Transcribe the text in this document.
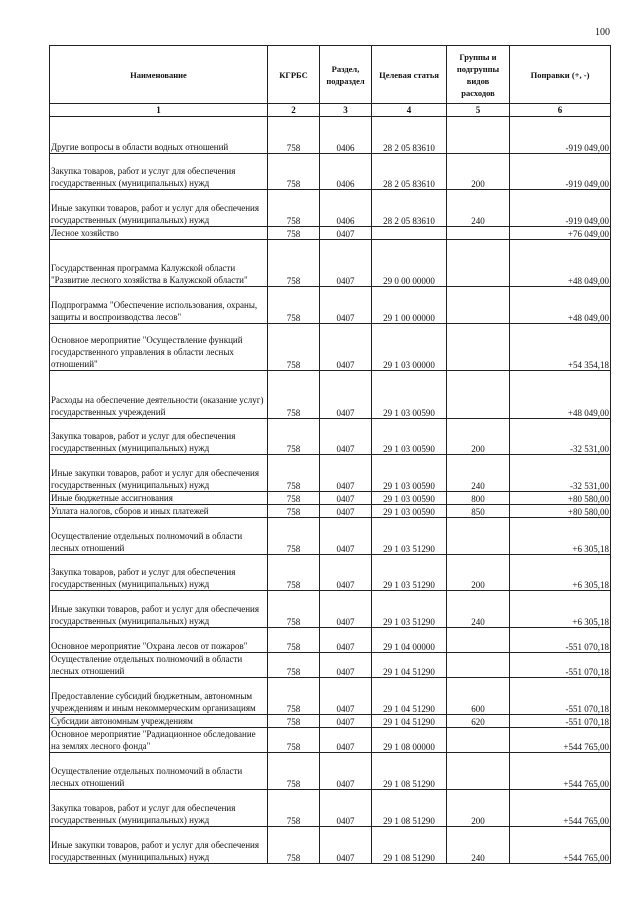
100
Наименование	КГРБС	Раздел, подраздел	Целевая статья	Группы и подгруппы видов расходов	Поправки (+, -)
1	2	3	4	5	6
Другие вопросы в области водных отношений	758	0406	28 2 05 83610		-919 049,00
Закупка товаров, работ и услуг для обеспечения государственных (муниципальных) нужд	758	0406	28 2 05 83610	200	-919 049,00
Иные закупки товаров, работ и услуг для обеспечения государственных (муниципальных) нужд	758	0406	28 2 05 83610	240	-919 049,00
Лесное хозяйство	758	0407			+76 049,00
Государственная программа Калужской области "Развитие лесного хозяйства в Калужской области"	758	0407	29 0 00 00000		+48 049,00
Подпрограмма "Обеспечение использования, охраны, защиты и воспроизводства лесов"	758	0407	29 1 00 00000		+48 049,00
Основное мероприятие "Осуществление функций государственного управления в области лесных отношений"	758	0407	29 1 03 00000		+54 354,18
Расходы на обеспечение деятельности (оказание услуг) государственных учреждений	758	0407	29 1 03 00590		+48 049,00
Закупка товаров, работ и услуг для обеспечения государственных (муниципальных) нужд	758	0407	29 1 03 00590	200	-32 531,00
Иные закупки товаров, работ и услуг для обеспечения государственных (муниципальных) нужд	758	0407	29 1 03 00590	240	-32 531,00
Иные бюджетные ассигнования	758	0407	29 1 03 00590	800	+80 580,00
Уплата налогов, сборов и иных платежей	758	0407	29 1 03 00590	850	+80 580,00
Осуществление отдельных полномочий в области лесных отношений	758	0407	29 1 03 51290		+6 305,18
Закупка товаров, работ и услуг для обеспечения государственных (муниципальных) нужд	758	0407	29 1 03 51290	200	+6 305,18
Иные закупки товаров, работ и услуг для обеспечения государственных (муниципальных) нужд	758	0407	29 1 03 51290	240	+6 305,18
Основное мероприятие "Охрана лесов от пожаров"	758	0407	29 1 04 00000		-551 070,18
Осуществление отдельных полномочий в области лесных отношений	758	0407	29 1 04 51290		-551 070,18
Предоставление субсидий бюджетным, автономным учреждениям и иным некоммерческим организациям	758	0407	29 1 04 51290	600	-551 070,18
Субсидии автономным учреждениям	758	0407	29 1 04 51290	620	-551 070,18
Основное мероприятие "Радиационное обследование на землях лесного фонда"	758	0407	29 1 08 00000		+544 765,00
Осуществление отдельных полномочий в области лесных отношений	758	0407	29 1 08 51290		+544 765,00
Закупка товаров, работ и услуг для обеспечения государственных (муниципальных) нужд	758	0407	29 1 08 51290	200	+544 765,00
Иные закупки товаров, работ и услуг для обеспечения государственных (муниципальных) нужд	758	0407	29 1 08 51290	240	+544 765,00
